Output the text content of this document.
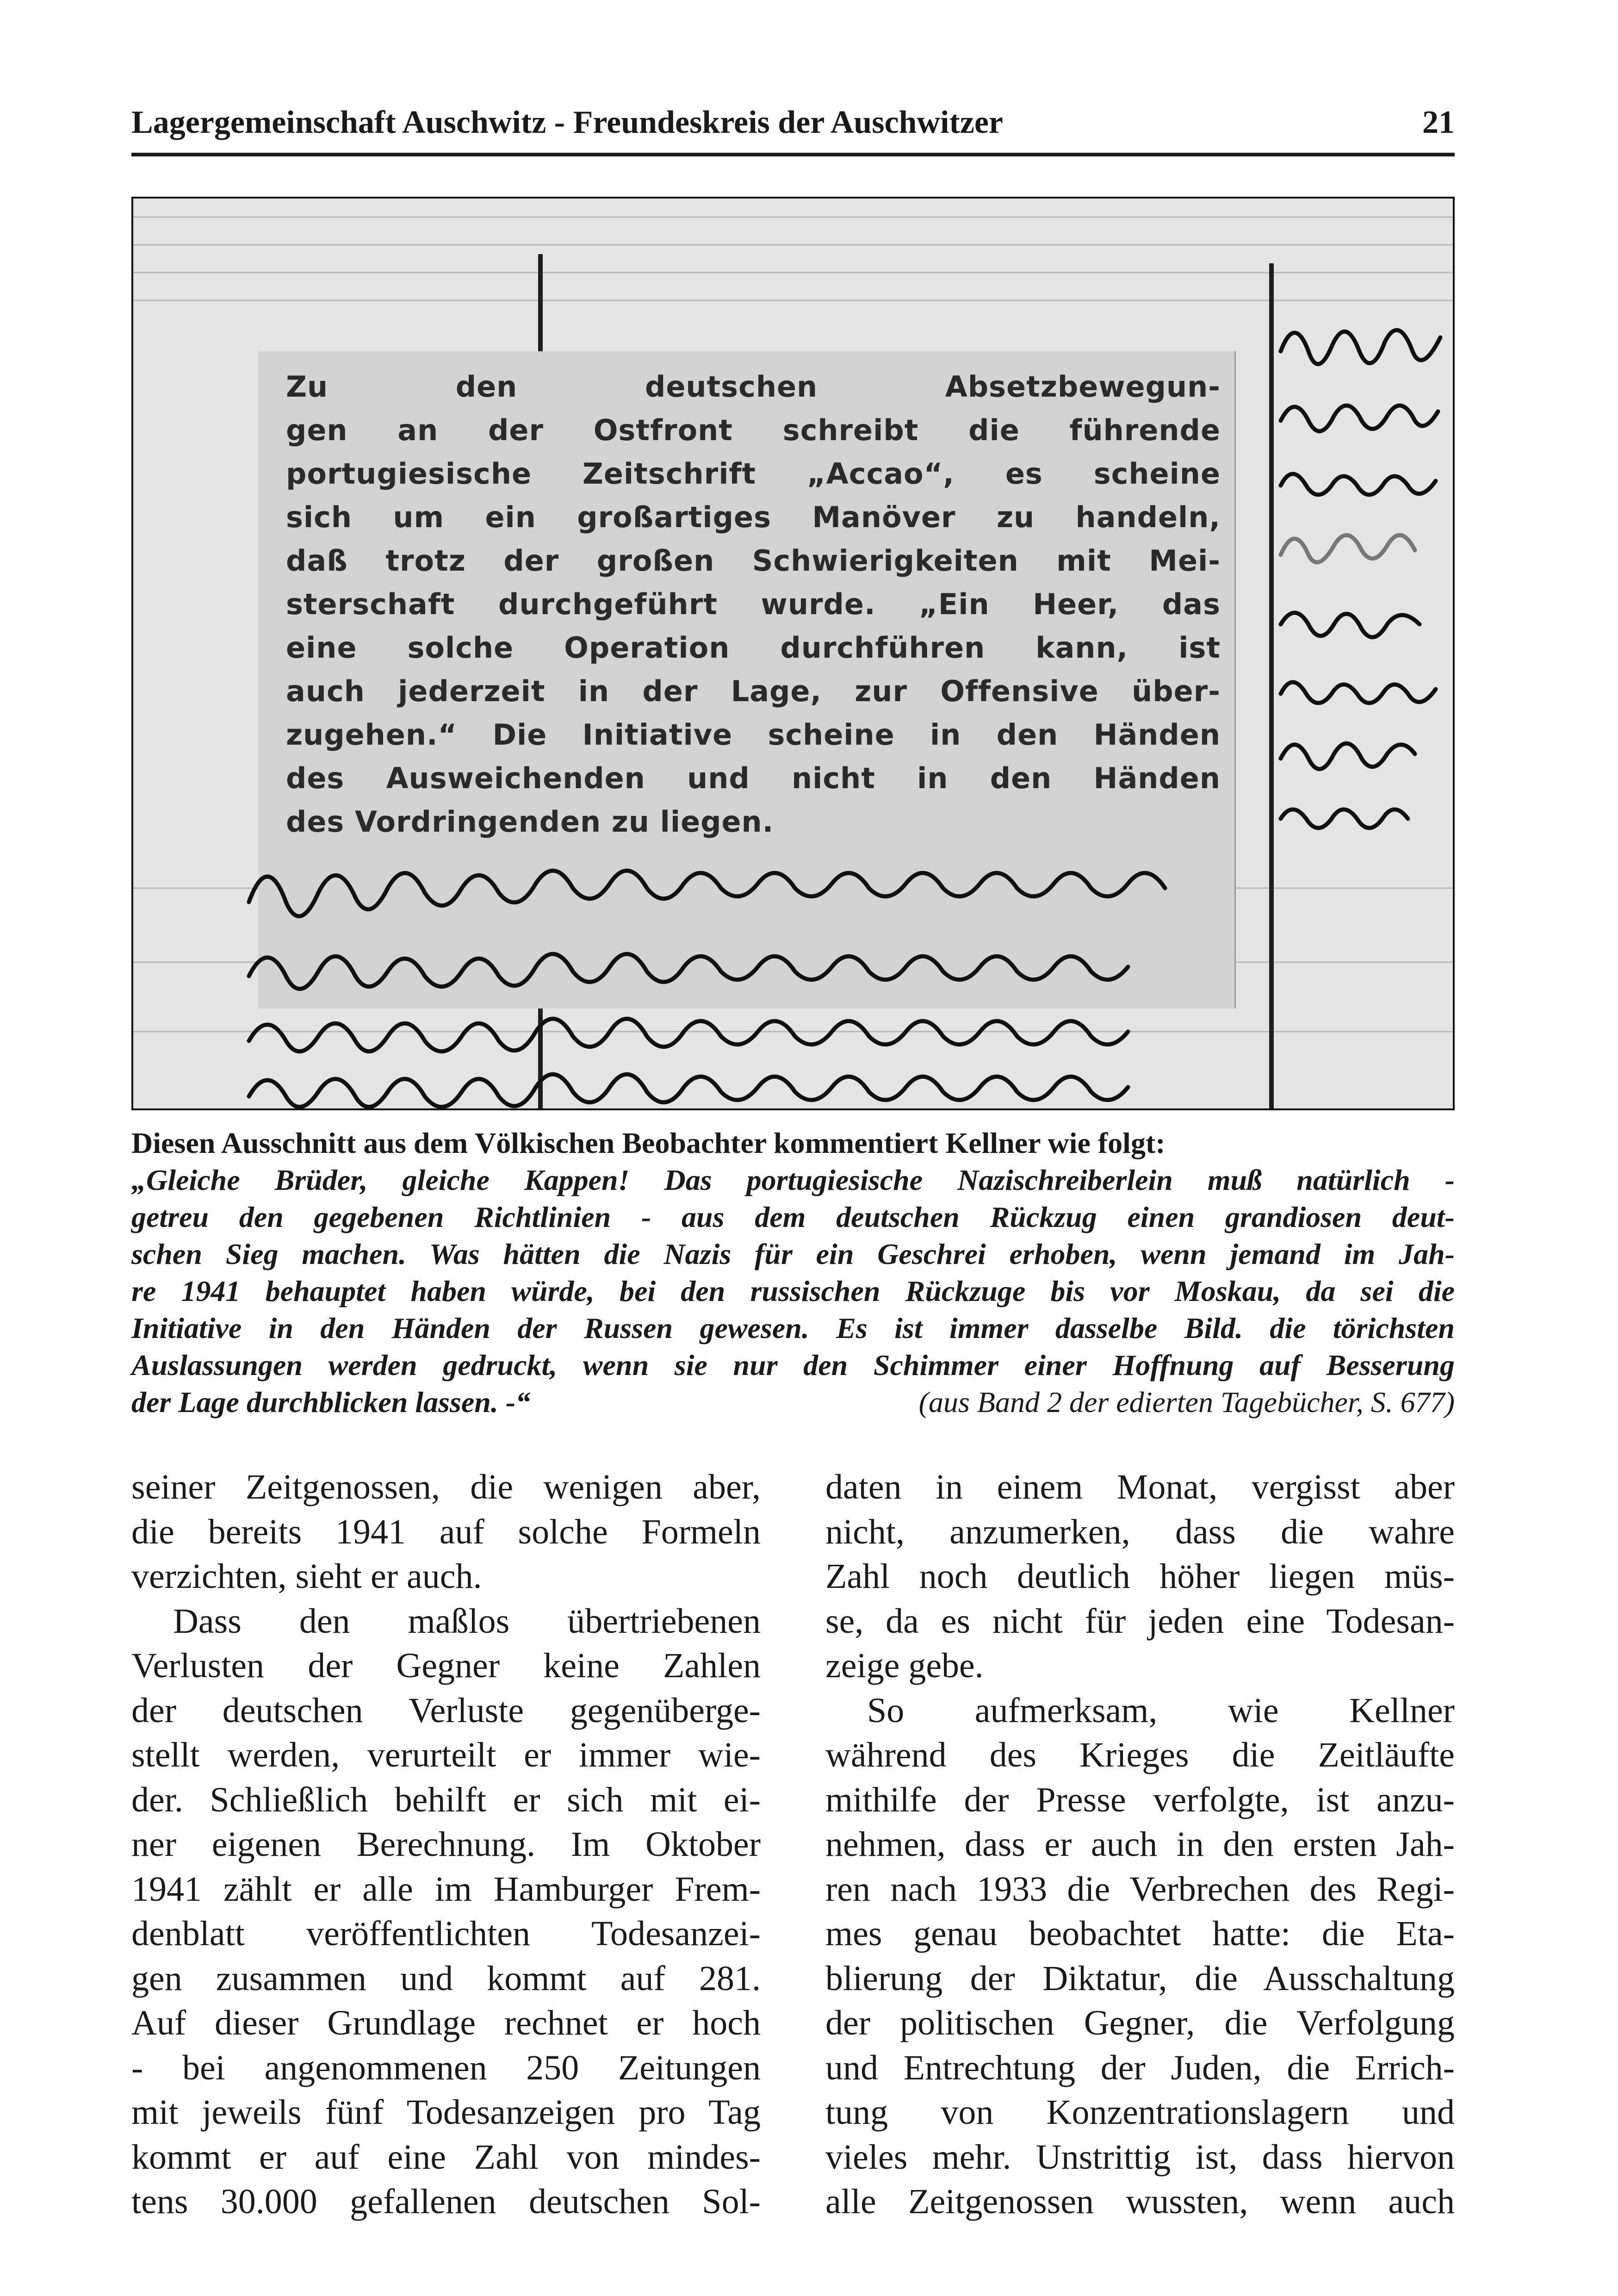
Lagergemeinschaft Auschwitz - Freundeskreis der Auschwitzer	21
Zu den deutschen Absetzbewegun-
gen an der Ostfront schreibt die führende
portugiesische Zeitschrift „Accao“, es scheine
sich um ein großartiges Manöver zu handeln,
daß trotz der großen Schwierigkeiten mit Mei-
sterschaft durchgeführt wurde. „Ein Heer, das
eine solche Operation durchführen kann, ist
auch jederzeit in der Lage, zur Offensive über-
zugehen.“ Die Initiative scheine in den Händen
des Ausweichenden und nicht in den Händen
des Vordringenden zu liegen.
Diesen Ausschnitt aus dem Völkischen Beobachter kommentiert Kellner wie folgt:
„Gleiche Brüder, gleiche Kappen! Das portugiesische Nazischreiberlein muß natürlich -
getreu den gegebenen Richtlinien - aus dem deutschen Rückzug einen grandiosen deut-
schen Sieg machen. Was hätten die Nazis für ein Geschrei erhoben, wenn jemand im Jah-
re 1941 behauptet haben würde, bei den russischen Rückzuge bis vor Moskau, da sei die
Initiative in den Händen der Russen gewesen. Es ist immer dasselbe Bild. die törichsten
Auslassungen werden gedruckt, wenn sie nur den Schimmer einer Hoffnung auf Besserung
der Lage durchblicken lassen. -“	(aus Band 2 der edierten Tagebücher, S. 677)
seiner Zeitgenossen, die wenigen aber,
die bereits 1941 auf solche Formeln
verzichten, sieht er auch.
Dass den maßlos übertriebenen
Verlusten der Gegner keine Zahlen
der deutschen Verluste gegenüberge-
stellt werden, verurteilt er immer wie-
der. Schließlich behilft er sich mit ei-
ner eigenen Berechnung. Im Oktober
1941 zählt er alle im Hamburger Frem-
denblatt veröffentlichten Todesanzei-
gen zusammen und kommt auf 281.
Auf dieser Grundlage rechnet er hoch
- bei angenommenen 250 Zeitungen
mit jeweils fünf Todesanzeigen pro Tag
kommt er auf eine Zahl von mindes-
tens 30.000 gefallenen deutschen Sol-
daten in einem Monat, vergisst aber
nicht, anzumerken, dass die wahre
Zahl noch deutlich höher liegen müs-
se, da es nicht für jeden eine Todesan-
zeige gebe.
So aufmerksam, wie Kellner
während des Krieges die Zeitläufte
mithilfe der Presse verfolgte, ist anzu-
nehmen, dass er auch in den ersten Jah-
ren nach 1933 die Verbrechen des Regi-
mes genau beobachtet hatte: die Eta-
blierung der Diktatur, die Ausschaltung
der politischen Gegner, die Verfolgung
und Entrechtung der Juden, die Errich-
tung von Konzentrationslagern und
vieles mehr. Unstrittig ist, dass hiervon
alle Zeitgenossen wussten, wenn auch
